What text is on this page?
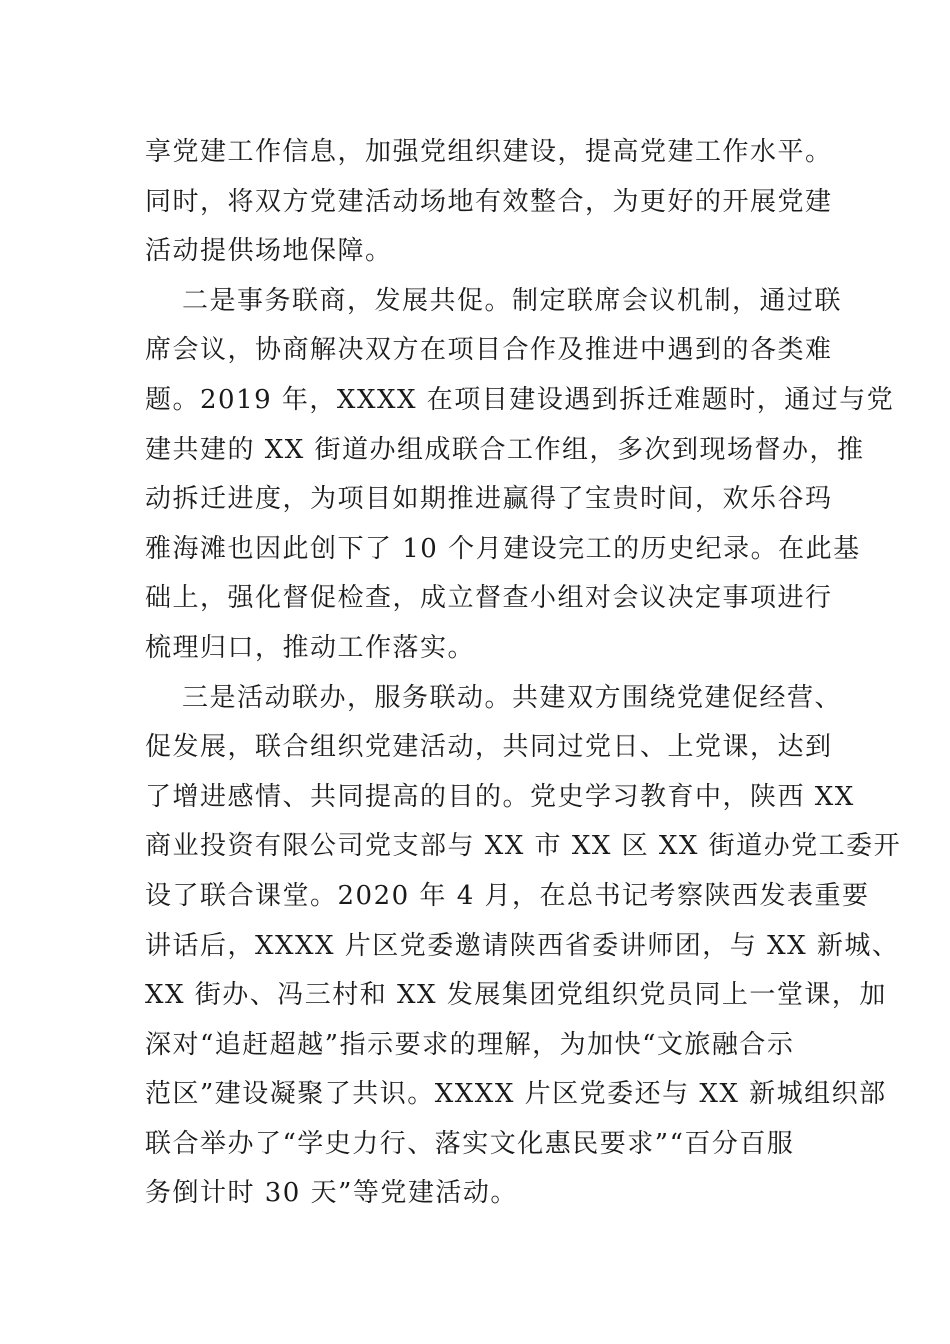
享党建工作信息，加强党组织建设，提高党建工作水平。
同时，将双方党建活动场地有效整合，为更好的开展党建
活动提供场地保障。
二是事务联商，发展共促。制定联席会议机制，通过联
席会议，协商解决双方在项目合作及推进中遇到的各类难
题。2019 年，XXXX 在项目建设遇到拆迁难题时，通过与党
建共建的 XX 街道办组成联合工作组，多次到现场督办，推
动拆迁进度，为项目如期推进赢得了宝贵时间，欢乐谷玛
雅海滩也因此创下了 10 个月建设完工的历史纪录。在此基
础上，强化督促检查，成立督查小组对会议决定事项进行
梳理归口，推动工作落实。
三是活动联办，服务联动。共建双方围绕党建促经营、
促发展，联合组织党建活动，共同过党日、上党课，达到
了增进感情、共同提高的目的。党史学习教育中，陕西 XX
商业投资有限公司党支部与 XX 市 XX 区 XX 街道办党工委开
设了联合课堂。2020 年 4 月，在总书记考察陕西发表重要
讲话后，XXXX 片区党委邀请陕西省委讲师团，与 XX 新城、
XX 街办、冯三村和 XX 发展集团党组织党员同上一堂课，加
深对“追赶超越”指示要求的理解，为加快“文旅融合示
范区”建设凝聚了共识。XXXX 片区党委还与 XX 新城组织部
联合举办了“学史力行、落实文化惠民要求”“百分百服
务倒计时 30 天”等党建活动。
